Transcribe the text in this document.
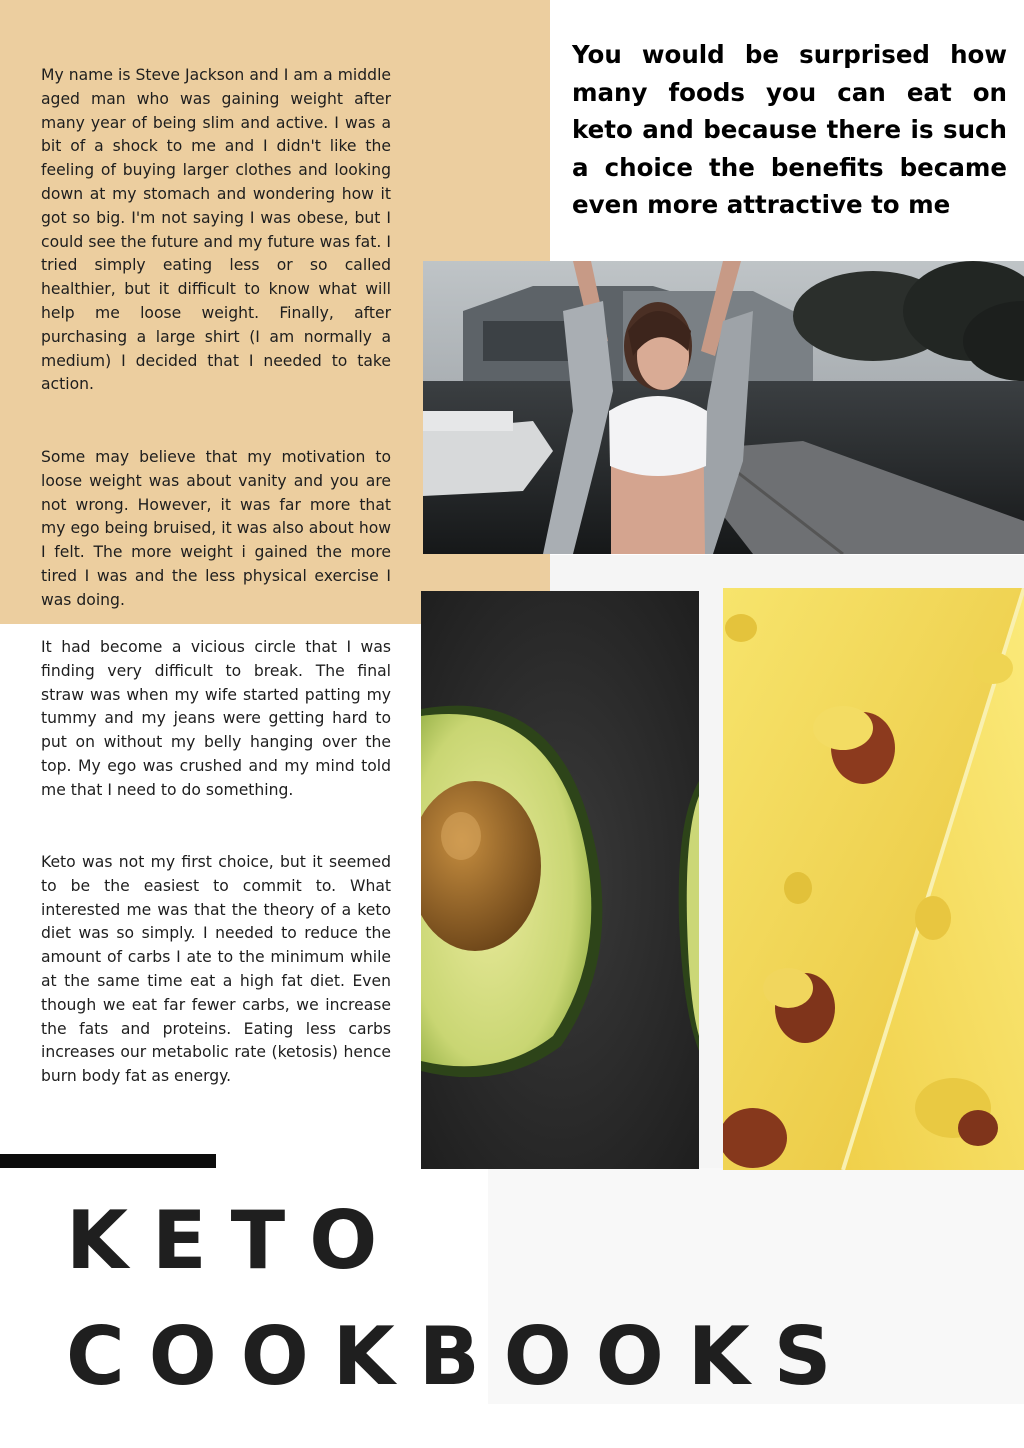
My name is Steve Jackson and I am a middle aged man who was gaining weight after many year of being slim and active. I was a bit of a shock to me and I didn't like the feeling of buying larger clothes and looking down at my stomach and wondering how it got so big. I'm not saying I was obese, but I could see the future and my future was fat. I tried simply eating less or so called healthier, but it difficult to know what will help me loose weight. Finally, after purchasing a large shirt (I am normally a medium) I decided that I needed to take action.

Some may believe that my motivation to loose weight was about vanity and you are not wrong. However, it was far more that my ego being bruised, it was also about how I felt. The more weight i gained the more tired I was and the less physical exercise I was doing.

It had become a vicious circle that I was finding very difficult to break. The final straw was when my wife started patting my tummy and my jeans were getting hard to put on without my belly hanging over the top. My ego was crushed and my mind told me that I need to do something.

Keto was not my first choice, but it seemed to be the easiest to commit to. What interested me was that the theory of a keto diet was so simply. I needed to reduce the amount of carbs I ate to the minimum while at the same time eat a high fat diet. Even though we eat far fewer carbs, we increase the fats and proteins. Eating less carbs increases our metabolic rate (ketosis) hence burn body fat as energy.

You would be surprised how many foods you can eat on keto and because there is such a choice the benefits became even more attractive to me

KETO
COOKBOOKS
